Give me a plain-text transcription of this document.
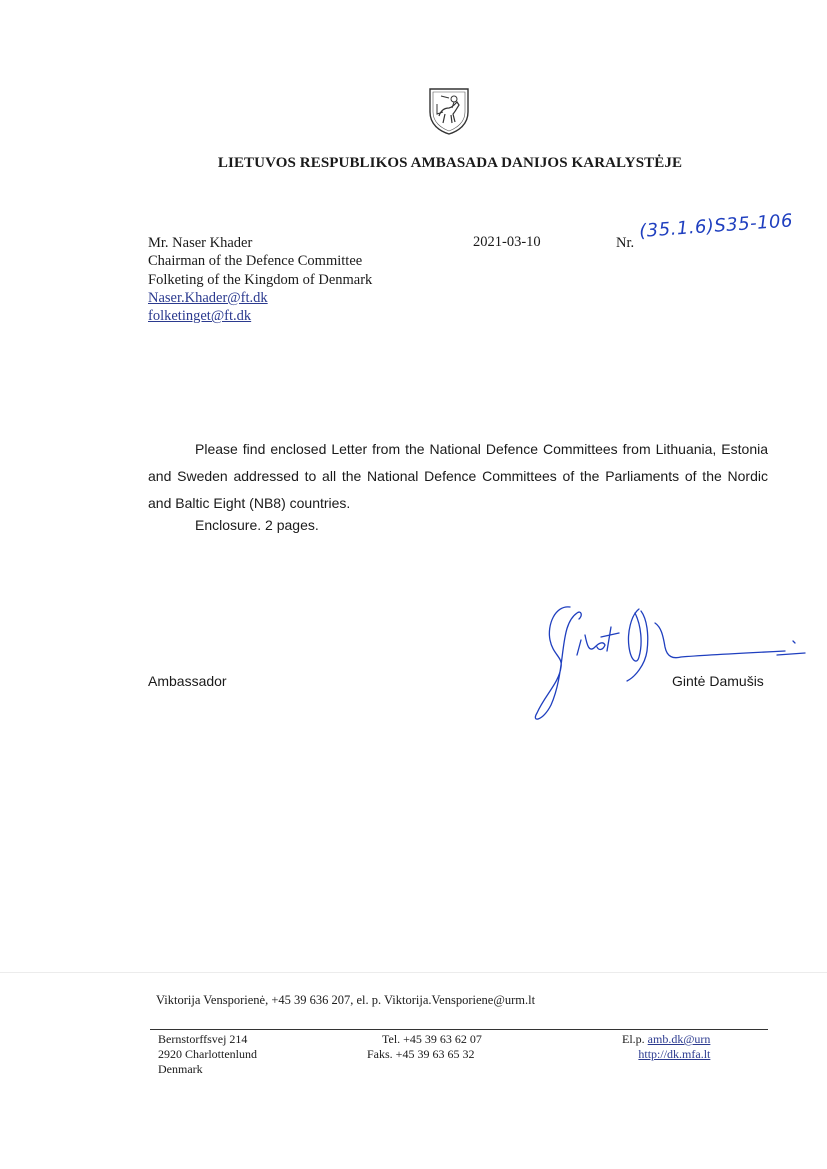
LIETUVOS RESPUBLIKOS AMBASADA DANIJOS KARALYSTĖJE
Mr. Naser Khader
Chairman of the Defence Committee
Folketing of the Kingdom of Denmark
Naser.Khader@ft.dk
folketinget@ft.dk
2021-03-10	Nr.
(35.1.6)S35-106

Please find enclosed Letter from the National Defence Committees from Lithuania, Estonia and Sweden addressed to all the National Defence Committees of the Parliaments of the Nordic and Baltic Eight (NB8) countries.

Enclosure. 2 pages.
Ambassador	Gintė Damušis
Viktorija Vensporienė, +45 39 636 207, el. p. Viktorija.Vensporiene@urm.lt
Bernstorffsvej 214
2920 Charlottenlund
Denmark
Tel. +45 39 63 62 07
Faks. +45 39 63 65 32
El.p. amb.dk@urn
http://dk.mfa.lt
